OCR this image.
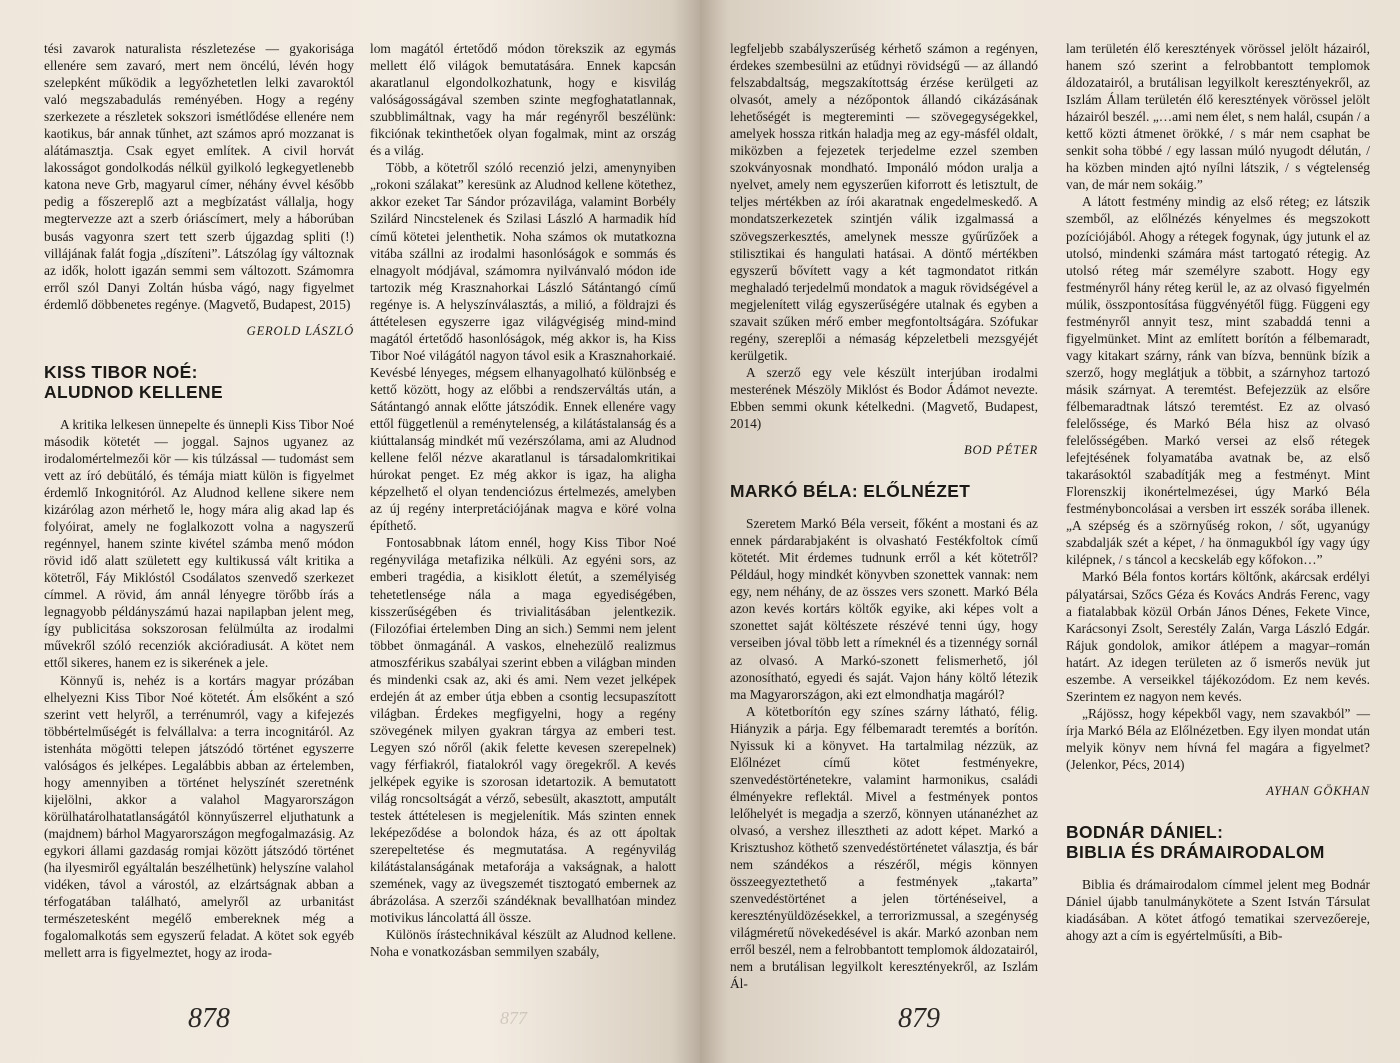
tési zavarok naturalista részletezése — gyakorisága ellenére sem zavaró, mert nem öncélú, lévén hogy szelepként működik a legyőzhetetlen lelki zavaroktól való megszabadulás reményében. Hogy a regény szerkezete a részletek sokszori ismétlődése ellenére nem kaotikus, bár annak tűnhet, azt számos apró mozzanat is alátámasztja. Csak egyet említek. A civil horvát lakosságot gondolkodás nélkül gyilkoló legkegyetlenebb katona neve Grb, magyarul címer, néhány évvel később pedig a főszereplő azt a megbízatást vállalja, hogy megtervezze azt a szerb óriáscímert, mely a háborúban busás vagyonra szert tett szerb újgazdag spliti (!) villájának falát fogja „díszíteni”. Látszólag így változnak az idők, holott igazán semmi sem változott. Számomra erről szól Danyi Zoltán húsba vágó, nagy figyelmet érdemlő döbbenetes regénye. (Magvető, Budapest, 2015)

GEROLD LÁSZLÓ

KISS TIBOR NOÉ:
ALUDNOD KELLENE

A kritika lelkesen ünnepelte és ünnepli Kiss Tibor Noé második kötetét — joggal. Sajnos ugyanez az irodalomértelmezői kör — kis túlzással — tudomást sem vett az író debütáló, és témája miatt külön is figyelmet érdemlő Inkognitóról. Az Aludnod kellene sikere nem kizárólag azon mérhető le, hogy mára alig akad lap és folyóirat, amely ne foglalkozott volna a nagyszerű regénnyel, hanem szinte kivétel számba menő módon rövid idő alatt született egy kultikussá vált kritika a kötetről, Fáy Miklóstól Csodálatos szenvedő szerkezet címmel. A rövid, ám annál lényegre törőbb írás a legnagyobb példányszámú hazai napilapban jelent meg, így publicitása sokszorosan felülmúlta az irodalmi művekről szóló recenziók akcióradiusát. A kötet nem ettől sikeres, hanem ez is sikerének a jele.

Könnyű is, nehéz is a kortárs magyar prózában elhelyezni Kiss Tibor Noé kötetét. Ám elsőként a szó szerint vett helyről, a terrénumról, vagy a kifejezés többértelműségét is felvállalva: a terra incognitáról. Az istenháta mögötti telepen játszódó történet egyszerre valóságos és jelképes. Legalábbis abban az értelemben, hogy amennyiben a történet helyszínét szeretnénk kijelölni, akkor a valahol Magyarországon körülhatárolhatatlanságától könnyűszerrel eljuthatunk a (majdnem) bárhol Magyarországon megfogalmazásig. Az egykori állami gazdaság romjai között játszódó történet (ha ilyesmiről egyáltalán beszélhetünk) helyszíne valahol vidéken, távol a várostól, az elzártságnak abban a térfogatában található, amelyről az urbanitást természetesként megélő embereknek még a fogalomalkotás sem egyszerű feladat. A kötet sok egyéb mellett arra is figyelmeztet, hogy az iroda-

lom magától értetődő módon törekszik az egymás mellett élő világok bemutatására. Ennek kapcsán akaratlanul elgondolkozhatunk, hogy e kisvilág valóságosságával szemben szinte megfoghatatlannak, szubblimáltnak, vagy ha már regényről beszélünk: fikciónak tekinthetőek olyan fogalmak, mint az ország és a világ.

Több, a kötetről szóló recenzió jelzi, amenynyiben „rokoni szálakat” keresünk az Aludnod kellene kötethez, akkor ezeket Tar Sándor prózavilága, valamint Borbély Szilárd Nincstelenek és Szilasi László A harmadik híd című kötetei jelenthetik. Noha számos ok mutatkozna vitába szállni az irodalmi hasonlóságok e sommás és elnagyolt módjával, számomra nyilvánvaló módon ide tartozik még Krasznahorkai László Sátántangó című regénye is. A helyszínválasztás, a milió, a földrajzi és áttételesen egyszerre igaz világvégiség mind-mind magától értetődő hasonlóságok, még akkor is, ha Kiss Tibor Noé világától nagyon távol esik a Krasznahorkaié. Kevésbé lényeges, mégsem elhanyagolható különbség e kettő között, hogy az előbbi a rendszerváltás után, a Sátántangó annak előtte játszódik. Ennek ellenére vagy ettől függetlenül a reménytelenség, a kilátástalanság és a kiúttalanság mindkét mű vezérszólama, ami az Aludnod kellene felől nézve akaratlanul is társadalomkritikai húrokat penget. Ez még akkor is igaz, ha aligha képzelhető el olyan tendenciózus értelmezés, amelyben az új regény interpretációjának magva e köré volna építhető.

Fontosabbnak látom ennél, hogy Kiss Tibor Noé regényvilága metafizika nélküli. Az egyéni sors, az emberi tragédia, a kisiklott életút, a személyiség tehetetlensége nála a maga egyediségében, kisszerűségében és trivialitásában jelentkezik. (Filozófiai értelemben Ding an sich.) Semmi nem jelent többet önmagánál. A vaskos, elnehezülő realizmus atmoszférikus szabályai szerint ebben a világban minden és mindenki csak az, aki és ami. Nem vezet jelképek erdején át az ember útja ebben a csontig lecsupaszított világban. Érdekes megfigyelni, hogy a regény szövegének milyen gyakran tárgya az emberi test. Legyen szó nőről (akik felette kevesen szerepelnek) vagy férfiakról, fiatalokról vagy öregekről. A kevés jelképek egyike is szorosan idetartozik. A bemutatott világ roncsoltságát a vérző, sebesült, akasztott, amputált testek áttételesen is megjelenítik. Más szinten ennek leképeződése a bolondok háza, és az ott ápoltak szerepeltetése és megmutatása. A regényvilág kilátástalanságának metaforája a vakságnak, a halott szemének, vagy az üvegszemét tisztogató embernek az ábrázolása. A szerzői szándéknak bevallhatóan mindez motivikus láncolattá áll össze.

Különös írástechnikával készült az Aludnod kellene. Noha e vonatkozásban semmilyen szabály,

878	877

legfeljebb szabályszerűség kérhető számon a regényen, érdekes szembesülni az etűdnyi rövidségű — az állandó felszabdaltság, megszakítottság érzése kerülgeti az olvasót, amely a nézőpontok állandó cikázásának lehetőségét is megtereminti — szövegegységekkel, amelyek hossza ritkán haladja meg az egy-másfél oldalt, miközben a fejezetek terjedelme ezzel szemben szokványosnak mondható. Imponáló módon uralja a nyelvet, amely nem egyszerűen kiforrott és letisztult, de teljes mértékben az írói akaratnak engedelmeskedő. A mondatszerkezetek szintjén válik izgalmassá a szövegszerkesztés, amelynek messze gyűrűzőek a stilisztikai és hangulati hatásai. A döntő mértékben egyszerű bővített vagy a két tagmondatot ritkán meghaladó terjedelmű mondatok a maguk rövidségével a megjelenített világ egyszerűségére utalnak és egyben a szavait szűken mérő ember megfontoltságára. Szófukar regény, szereplői a némaság képzeletbeli mezsgyéjét kerülgetik.

A szerző egy vele készült interjúban irodalmi mesterének Mészöly Miklóst és Bodor Ádámot nevezte. Ebben semmi okunk kételkedni. (Magvető, Budapest, 2014)

BOD PÉTER

MARKÓ BÉLA: ELŐLNÉZET

Szeretem Markó Béla verseit, főként a mostani és az ennek párdarabjaként is olvasható Festékfoltok című kötetét. Mit érdemes tudnunk erről a két kötetről? Például, hogy mindkét könyvben szonettek vannak: nem egy, nem néhány, de az összes vers szonett. Markó Béla azon kevés kortárs költők egyike, aki képes volt a szonettet saját költészete részévé tenni úgy, hogy verseiben jóval több lett a rímeknél és a tizennégy sornál az olvasó. A Markó-szonett felismerhető, jól azonosítható, egyedi és saját. Vajon hány költő létezik ma Magyarországon, aki ezt elmondhatja magáról?

A kötetborítón egy színes szárny látható, félig. Hiányzik a párja. Egy félbemaradt teremtés a borítón. Nyissuk ki a könyvet. Ha tartalmilag nézzük, az Előlnézet című kötet festményekre, szenvedéstörténetekre, valamint harmonikus, családi élményekre reflektál. Mivel a festmények pontos lelőhelyét is megadja a szerző, könnyen utánanézhet az olvasó, a vershez illesztheti az adott képet. Markó a Krisztushoz köthető szenvedéstörténetet választja, és bár nem szándékos a részéről, mégis könnyen összeegyeztethető a festmények „takarta” szenvedéstörténet a jelen történéseivel, a keresztényüldözésekkel, a terrorizmussal, a szegénység világméretű növekedésével is akár. Markó azonban nem erről beszél, nem a felrobbantott templomok áldozatairól, nem a brutálisan legyilkolt keresztényekről, az Iszlám Ál-

lam területén élő keresztények vörössel jelölt házairól, hanem szó szerint a felrobbantott templomok áldozatairól, a brutálisan legyilkolt keresztényekről, az Iszlám Állam területén élő keresztények vörössel jelölt házairól beszél. „…ami nem élet, s nem halál, csupán / a kettő közti átmenet örökké, / s már nem csaphat be senkit soha többé / egy lassan múló nyugodt délután, / ha közben minden ajtó nyílni látszik, / s végtelenség van, de már nem sokáig.”

A látott festmény mindig az első réteg; ez látszik szemből, az előlnézés kényelmes és megszokott pozíciójából. Ahogy a rétegek fogynak, úgy jutunk el az utolsó, mindenki számára mást tartogató rétegig. Az utolsó réteg már személyre szabott. Hogy egy festményről hány réteg kerül le, az az olvasó figyelmén múlik, összpontosítása függvényétől függ. Függeni egy festményről annyit tesz, mint szabaddá tenni a figyelmünket. Mint az említett borítón a félbemaradt, vagy kitakart szárny, ránk van bízva, bennünk bízik a szerző, hogy meglátjuk a többit, a szárnyhoz tartozó másik szárnyat. A teremtést. Befejezzük az elsőre félbemaradtnak látszó teremtést. Ez az olvasó felelőssége, és Markó Béla hisz az olvasó felelősségében. Markó versei az első rétegek lefejtésének folyamatába avatnak be, az első takarásoktól szabadítják meg a festményt. Mint Florenszkij ikonértelmezései, úgy Markó Béla festményboncolásai a versben irt esszék sorába illenek. „A szépség és a szörnyűség rokon, / sőt, ugyanúgy szabdalják szét a képet, / ha önmagukból így vagy úgy kilépnek, / s táncol a kecskeláb egy kőfokon…”

Markó Béla fontos kortárs költőnk, akárcsak erdélyi pályatársai, Szőcs Géza és Kovács András Ferenc, vagy a fiatalabbak közül Orbán János Dénes, Fekete Vince, Karácsonyi Zsolt, Serestély Zalán, Varga László Edgár. Rájuk gondolok, amikor átlépem a magyar–román határt. Az idegen területen az ő ismerős nevük jut eszembe. A verseikkel tájékozódom. Ez nem kevés. Szerintem ez nagyon nem kevés.

„Rájössz, hogy képekből vagy, nem szavakból” — írja Markó Béla az Előlnézetben. Egy ilyen mondat után melyik könyv nem hívná fel magára a figyelmet? (Jelenkor, Pécs, 2014)

AYHAN GÖKHAN

BODNÁR DÁNIEL:
BIBLIA ÉS DRÁMAIRODALOM

Biblia és drámairodalom címmel jelent meg Bodnár Dániel újabb tanulmánykötete a Szent István Társulat kiadásában. A kötet átfogó tematikai szervezőereje, ahogy azt a cím is egyértelműsíti, a Bib-

879
